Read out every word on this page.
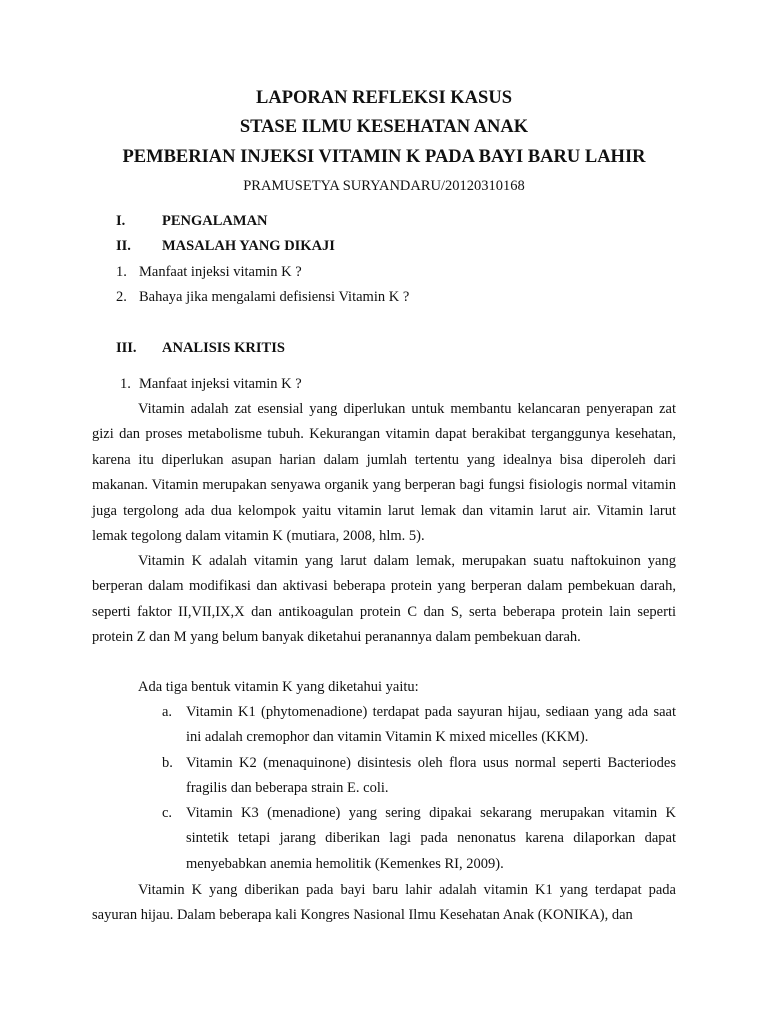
LAPORAN REFLEKSI KASUS
STASE ILMU KESEHATAN ANAK
PEMBERIAN INJEKSI VITAMIN K PADA BAYI BARU LAHIR
PRAMUSETYA SURYANDARU/20120310168
I.	PENGALAMAN
II. MASALAH YANG DIKAJI
1. Manfaat injeksi vitamin K ?
2. Bahaya jika mengalami defisiensi Vitamin K ?
III. ANALISIS KRITIS
1. Manfaat injeksi vitamin K ?

Vitamin adalah zat esensial yang diperlukan untuk membantu kelancaran penyerapan zat gizi dan proses metabolisme tubuh. Kekurangan vitamin dapat berakibat terganggunya kesehatan, karena itu diperlukan asupan harian dalam jumlah tertentu yang idealnya bisa diperoleh dari makanan. Vitamin merupakan senyawa organik yang berperan bagi fungsi fisiologis normal vitamin juga tergolong ada dua kelompok yaitu vitamin larut lemak dan vitamin larut air. Vitamin larut lemak tegolong dalam vitamin K (mutiara, 2008, hlm. 5).

Vitamin K adalah vitamin yang larut dalam lemak, merupakan suatu naftokuinon yang berperan dalam modifikasi dan aktivasi beberapa protein yang berperan dalam pembekuan darah, seperti faktor II,VII,IX,X dan antikoagulan protein C dan S, serta beberapa protein lain seperti protein Z dan M yang belum banyak diketahui peranannya dalam pembekuan darah.

Ada tiga bentuk vitamin K yang diketahui yaitu:

a. Vitamin K1 (phytomenadione) terdapat pada sayuran hijau, sediaan yang ada saat ini adalah cremophor dan vitamin Vitamin K mixed micelles (KKM).

b. Vitamin K2 (menaquinone) disintesis oleh flora usus normal seperti Bacteriodes fragilis dan beberapa strain E. coli.

c. Vitamin K3 (menadione) yang sering dipakai sekarang merupakan vitamin K sintetik tetapi jarang diberikan lagi pada nenonatus karena dilaporkan dapat menyebabkan anemia hemolitik (Kemenkes RI, 2009).

Vitamin K yang diberikan pada bayi baru lahir adalah vitamin K1 yang terdapat pada sayuran hijau. Dalam beberapa kali Kongres Nasional Ilmu Kesehatan Anak (KONIKA), dan
